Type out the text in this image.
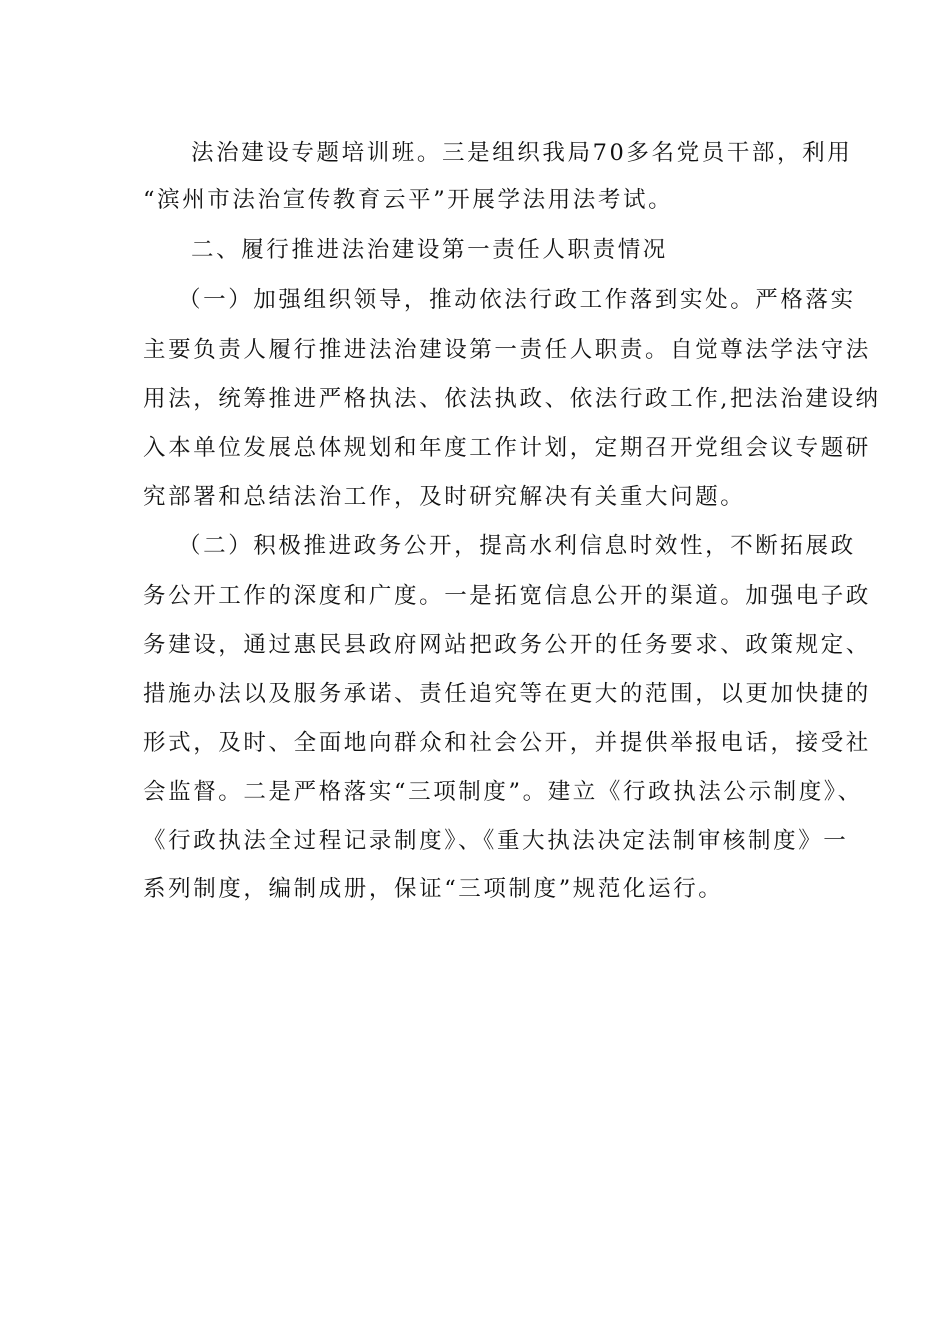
法治建设专题培训班。三是组织我局70多名党员干部，利用
“滨州市法治宣传教育云平”开展学法用法考试。
二、履行推进法治建设第一责任人职责情况
（一）加强组织领导，推动依法行政工作落到实处。严格落实
主要负责人履行推进法治建设第一责任人职责。自觉尊法学法守法
用法，统筹推进严格执法、依法执政、依法行政工作,把法治建设纳
入本单位发展总体规划和年度工作计划，定期召开党组会议专题研
究部署和总结法治工作，及时研究解决有关重大问题。
（二）积极推进政务公开，提高水利信息时效性，不断拓展政
务公开工作的深度和广度。一是拓宽信息公开的渠道。加强电子政
务建设，通过惠民县政府网站把政务公开的任务要求、政策规定、
措施办法以及服务承诺、责任追究等在更大的范围，以更加快捷的
形式，及时、全面地向群众和社会公开，并提供举报电话，接受社
会监督。二是严格落实“三项制度”。建立《行政执法公示制度》、
《行政执法全过程记录制度》、《重大执法决定法制审核制度》一
系列制度，编制成册，保证“三项制度”规范化运行。
